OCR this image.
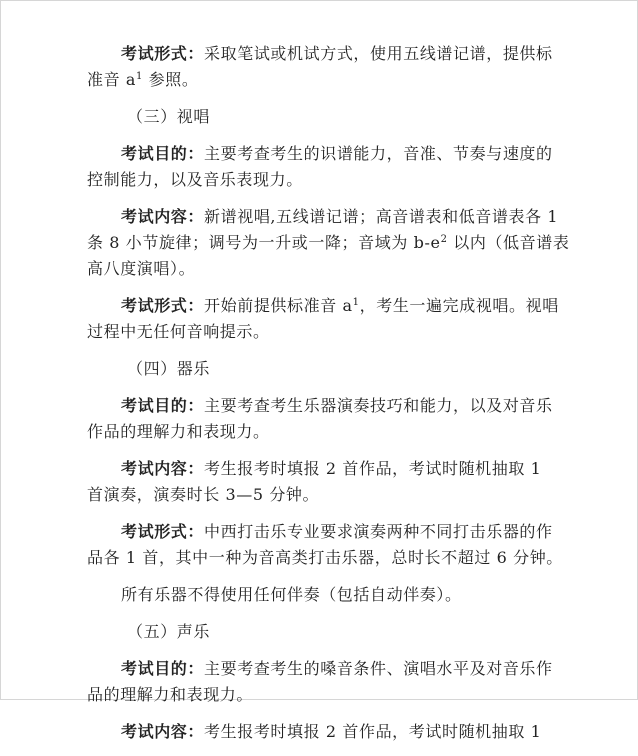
考试形式：采取笔试或机试方式，使用五线谱记谱，提供标

准音 $a^1$ 参照。

（三）视唱

考试目的：主要考查考生的识谱能力，音准、节奏与速度的

控制能力，以及音乐表现力。

考试内容：新谱视唱,五线谱记谱；高音谱表和低音谱表各 1

条 8 小节旋律；调号为一升或一降；音域为 $b-e^2$ 以内（低音谱表

高八度演唱）。

考试形式：开始前提供标准音 $a^1$，考生一遍完成视唱。视唱

过程中无任何音响提示。

（四）器乐

考试目的：主要考查考生乐器演奏技巧和能力，以及对音乐

作品的理解力和表现力。

考试内容：考生报考时填报 2 首作品，考试时随机抽取 1

首演奏，演奏时长 3—5 分钟。

考试形式：中西打击乐专业要求演奏两种不同打击乐器的作

品各 1 首，其中一种为音高类打击乐器，总时长不超过 6 分钟。

所有乐器不得使用任何伴奏（包括自动伴奏）。

（五）声乐

考试目的：主要考查考生的嗓音条件、演唱水平及对音乐作

品的理解力和表现力。

考试内容：考生报考时填报 2 首作品，考试时随机抽取 1
